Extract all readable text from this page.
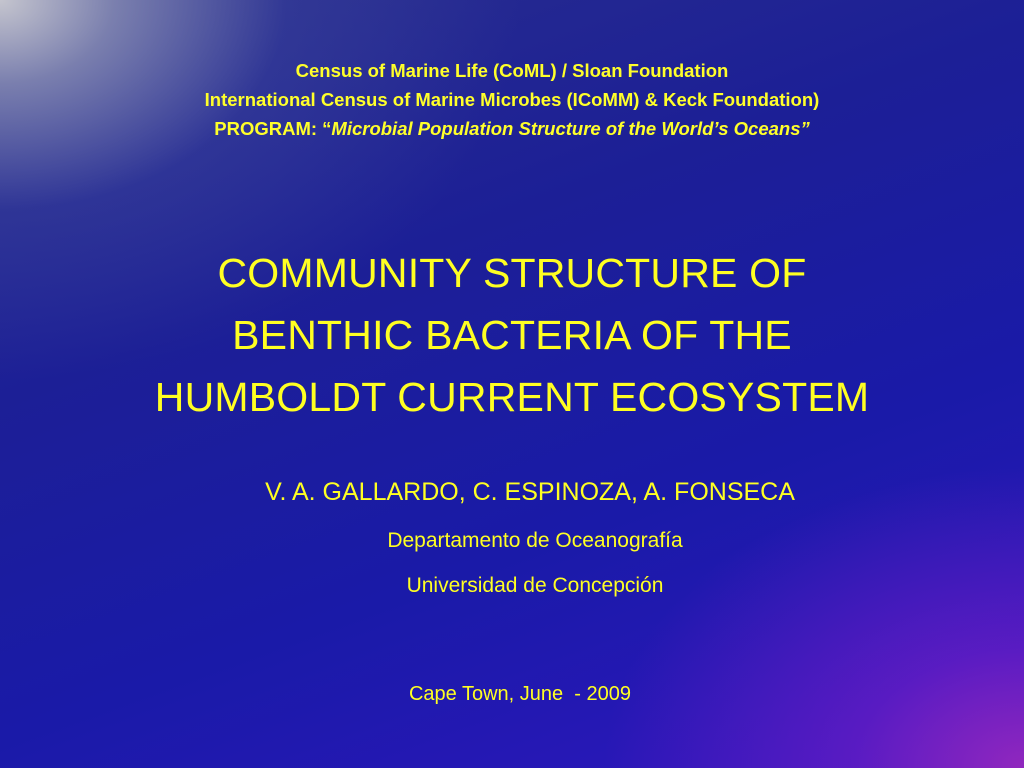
Census of Marine Life (CoML) / Sloan Foundation
International Census of Marine Microbes (ICoMM) & Keck Foundation)
PROGRAM: “Microbial Population Structure of the World’s Oceans”
COMMUNITY STRUCTURE OF
BENTHIC BACTERIA OF THE
HUMBOLDT CURRENT ECOSYSTEM
V. A. GALLARDO, C. ESPINOZA, A. FONSECA
Departamento de Oceanografía
Universidad de Concepción
Cape Town, June  - 2009
